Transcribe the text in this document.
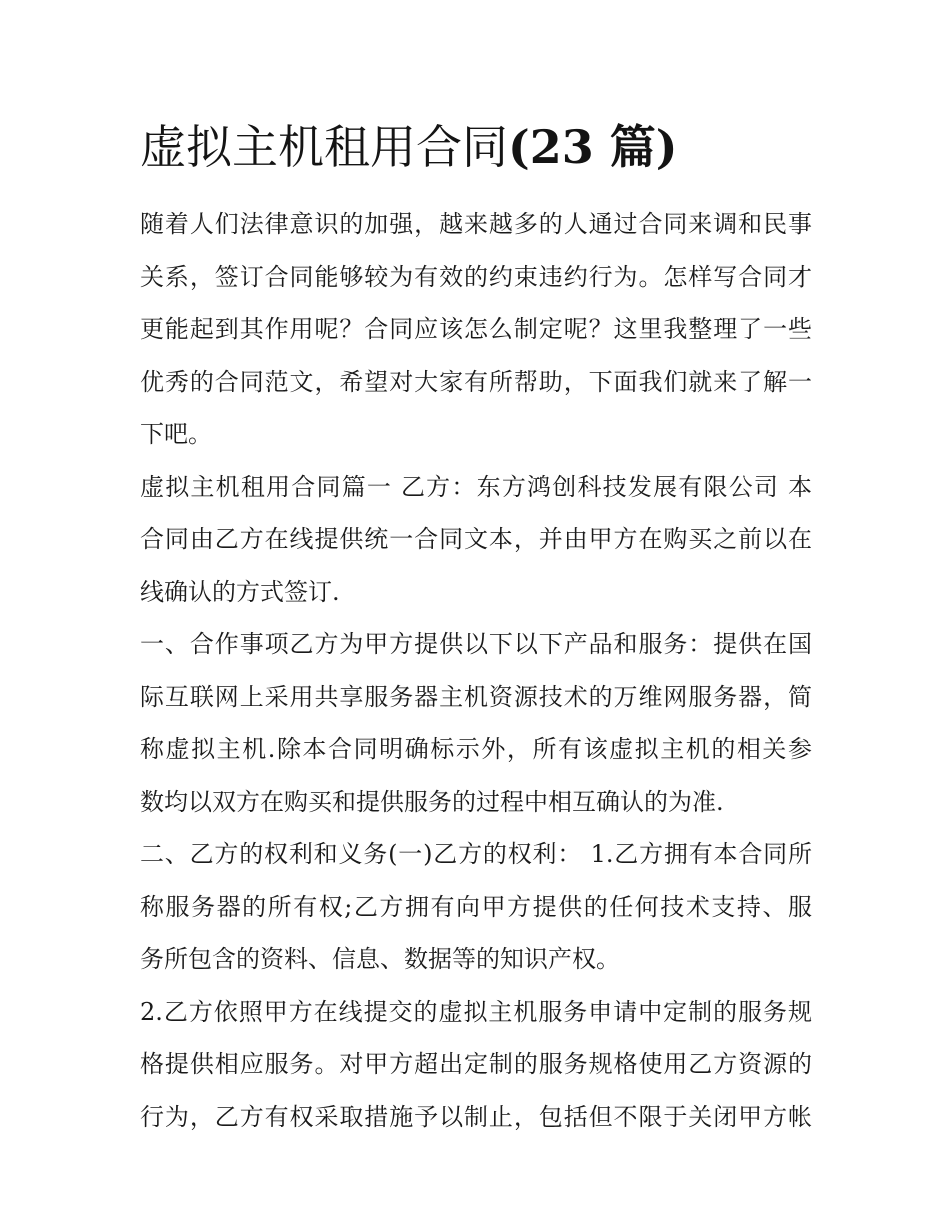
虚拟主机租用合同(23 篇)

随着人们法律意识的加强，越来越多的人通过合同来调和民事
关系，签订合同能够较为有效的约束违约行为。怎样写合同才
更能起到其作用呢？合同应该怎么制定呢？这里我整理了一些
优秀的合同范文，希望对大家有所帮助，下面我们就来了解一
下吧。

虚拟主机租用合同篇一 乙方：东方鸿创科技发展有限公司 本
合同由乙方在线提供统一合同文本，并由甲方在购买之前以在
线确认的方式签订.

一、合作事项乙方为甲方提供以下以下产品和服务：提供在国
际互联网上采用共享服务器主机资源技术的万维网服务器，简
称虚拟主机.除本合同明确标示外，所有该虚拟主机的相关参
数均以双方在购买和提供服务的过程中相互确认的为准.

二、乙方的权利和义务(一)乙方的权利： 1.乙方拥有本合同所
称服务器的所有权;乙方拥有向甲方提供的任何技术支持、服
务所包含的资料、信息、数据等的知识产权。

2.乙方依照甲方在线提交的虚拟主机服务申请中定制的服务规
格提供相应服务。对甲方超出定制的服务规格使用乙方资源的
行为，乙方有权采取措施予以制止，包括但不限于关闭甲方帐
